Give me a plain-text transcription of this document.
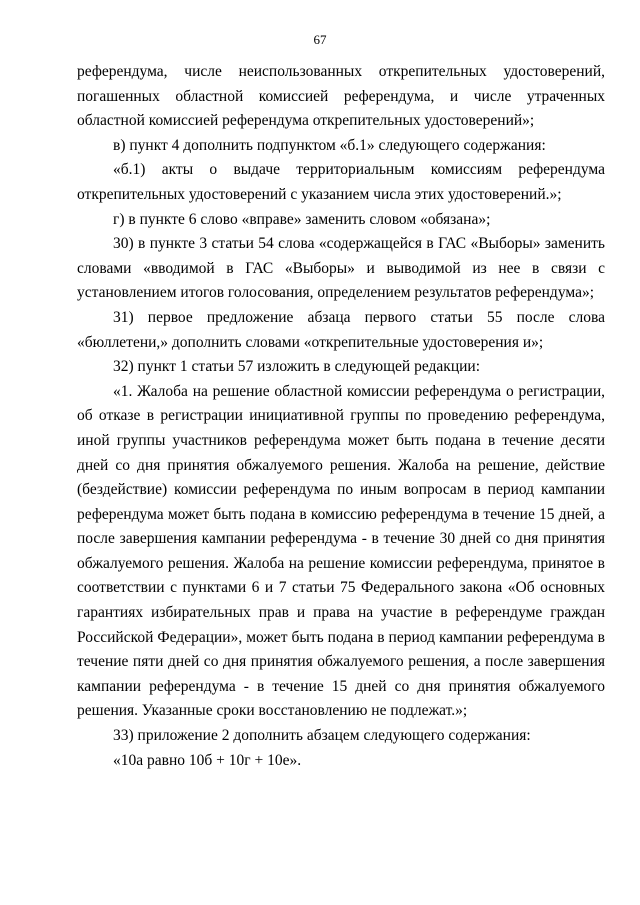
67

референдума, числе неиспользованных открепительных удостоверений, погашенных областной комиссией референдума, и числе утраченных областной комиссией референдума открепительных удостоверений»;

в) пункт 4 дополнить подпунктом «б.1» следующего содержания:

«б.1) акты о выдаче территориальным комиссиям референдума открепительных удостоверений с указанием числа этих удостоверений.»;

г) в пункте 6 слово «вправе» заменить словом «обязана»;

30) в пункте 3 статьи 54 слова «содержащейся в ГАС «Выборы» заменить словами «вводимой в ГАС «Выборы» и выводимой из нее в связи с установлением итогов голосования, определением результатов референдума»;

31) первое предложение абзаца первого статьи 55 после слова «бюллетени,» дополнить словами «открепительные удостоверения и»;

32) пункт 1 статьи 57 изложить в следующей редакции:

«1. Жалоба на решение областной комиссии референдума о регистрации, об отказе в регистрации инициативной группы по проведению референдума, иной группы участников референдума может быть подана в течение десяти дней со дня принятия обжалуемого решения. Жалоба на решение, действие (бездействие) комиссии референдума по иным вопросам в период кампании референдума может быть подана в комиссию референдума в течение 15 дней, а после завершения кампании референдума - в течение 30 дней со дня принятия обжалуемого решения. Жалоба на решение комиссии референдума, принятое в соответствии с пунктами 6 и 7 статьи 75 Федерального закона «Об основных гарантиях избирательных прав и права на участие в референдуме граждан Российской Федерации», может быть подана в период кампании референдума в течение пяти дней со дня принятия обжалуемого решения, а после завершения кампании референдума - в течение 15 дней со дня принятия обжалуемого решения. Указанные сроки восстановлению не подлежат.»;

33) приложение 2 дополнить абзацем следующего содержания:

«10а равно 10б + 10г + 10е».
